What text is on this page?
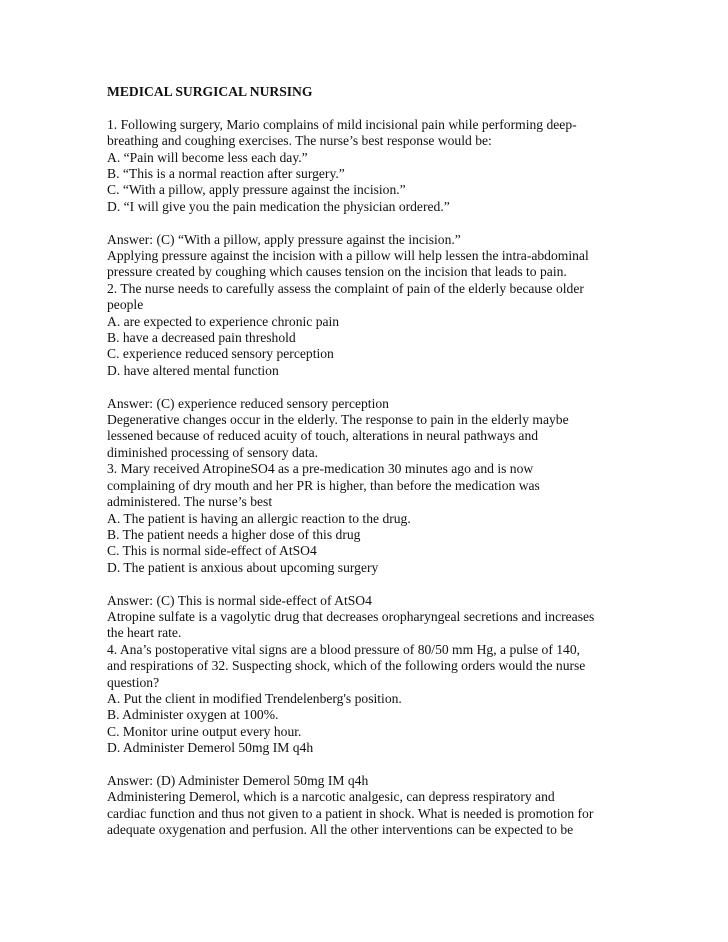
MEDICAL SURGICAL NURSING
1. Following surgery, Mario complains of mild incisional pain while performing deep-
breathing and coughing exercises. The nurse’s best response would be:
A. “Pain will become less each day.”
B. “This is a normal reaction after surgery.”
C. “With a pillow, apply pressure against the incision.”
D. “I will give you the pain medication the physician ordered.”
Answer: (C) “With a pillow, apply pressure against the incision.”
Applying pressure against the incision with a pillow will help lessen the intra-abdominal
pressure created by coughing which causes tension on the incision that leads to pain.
2. The nurse needs to carefully assess the complaint of pain of the elderly because older
people
A. are expected to experience chronic pain
B. have a decreased pain threshold
C. experience reduced sensory perception
D. have altered mental function
Answer: (C) experience reduced sensory perception
Degenerative changes occur in the elderly. The response to pain in the elderly maybe
lessened because of reduced acuity of touch, alterations in neural pathways and
diminished processing of sensory data.
3. Mary received AtropineSO4 as a pre-medication 30 minutes ago and is now
complaining of dry mouth and her PR is higher, than before the medication was
administered. The nurse’s best
A. The patient is having an allergic reaction to the drug.
B. The patient needs a higher dose of this drug
C. This is normal side-effect of AtSO4
D. The patient is anxious about upcoming surgery
Answer: (C) This is normal side-effect of AtSO4
Atropine sulfate is a vagolytic drug that decreases oropharyngeal secretions and increases
the heart rate.
4. Ana’s postoperative vital signs are a blood pressure of 80/50 mm Hg, a pulse of 140,
and respirations of 32. Suspecting shock, which of the following orders would the nurse
question?
A. Put the client in modified Trendelenberg's position.
B. Administer oxygen at 100%.
C. Monitor urine output every hour.
D. Administer Demerol 50mg IM q4h
Answer: (D) Administer Demerol 50mg IM q4h
Administering Demerol, which is a narcotic analgesic, can depress respiratory and
cardiac function and thus not given to a patient in shock. What is needed is promotion for
adequate oxygenation and perfusion. All the other interventions can be expected to be
